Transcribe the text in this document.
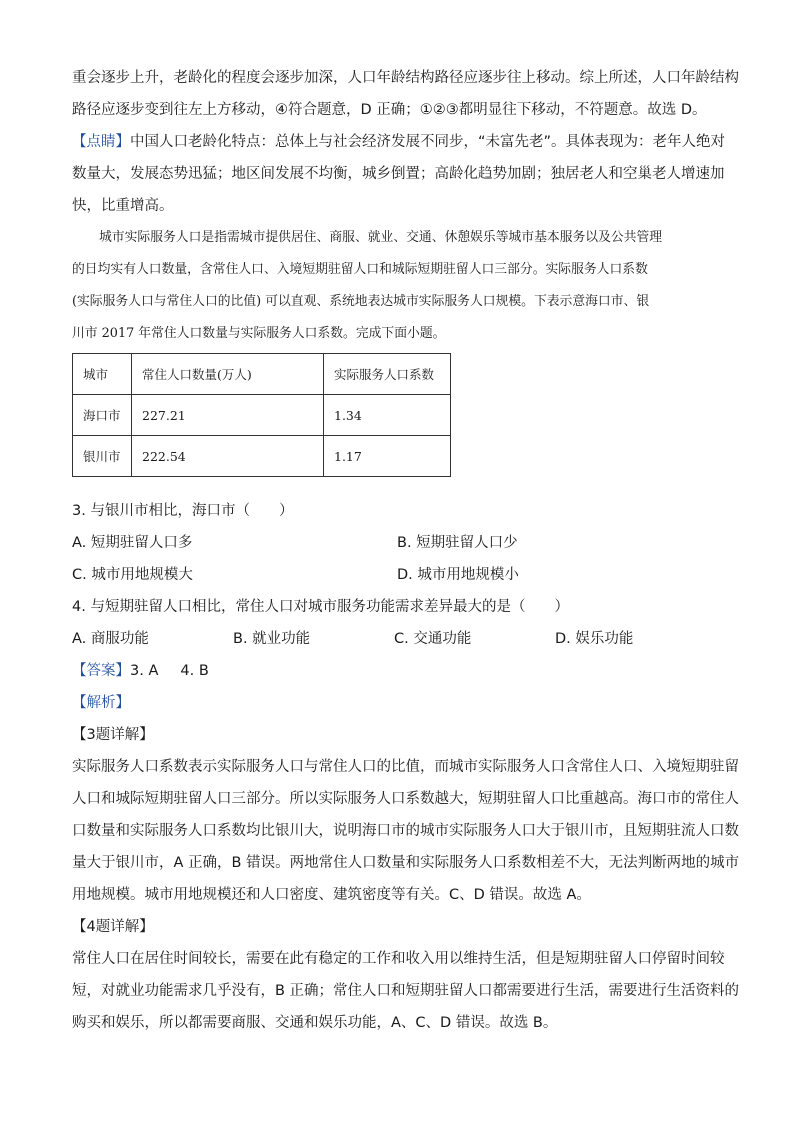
重会逐步上升，老龄化的程度会逐步加深，人口年龄结构路径应逐步往上移动。综上所述，人口年龄结构
路径应逐步变到往左上方移动，④符合题意，D 正确；①②③都明显往下移动，不符题意。故选 D。
【点睛】中国人口老龄化特点：总体上与社会经济发展不同步，“未富先老”。具体表现为：老年人绝对
数量大，发展态势迅猛；地区间发展不均衡，城乡倒置；高龄化趋势加剧；独居老人和空巢老人增速加
快，比重增高。
城市实际服务人口是指需城市提供居住、商服、就业、交通、休憩娱乐等城市基本服务以及公共管理
的日均实有人口数量，含常住人口、入境短期驻留人口和城际短期驻留人口三部分。实际服务人口系数
(实际服务人口与常住人口的比值) 可以直观、系统地表达城市实际服务人口规模。下表示意海口市、银
川市 2017 年常住人口数量与实际服务人口系数。完成下面小题。
城市	常住人口数量(万人)	实际服务人口系数
海口市	227.21	1.34
银川市	222.54	1.17
3. 与银川市相比，海口市（　　）
A. 短期驻留人口多	B. 短期驻留人口少
C. 城市用地规模大	D. 城市用地规模小
4. 与短期驻留人口相比，常住人口对城市服务功能需求差异最大的是（　　）
A. 商服功能	B. 就业功能	C. 交通功能	D. 娱乐功能
【答案】3. A 4. B
【解析】
【3题详解】
实际服务人口系数表示实际服务人口与常住人口的比值，而城市实际服务人口含常住人口、入境短期驻留
人口和城际短期驻留人口三部分。所以实际服务人口系数越大，短期驻留人口比重越高。海口市的常住人
口数量和实际服务人口系数均比银川大，说明海口市的城市实际服务人口大于银川市，且短期驻流人口数
量大于银川市，A 正确，B 错误。两地常住人口数量和实际服务人口系数相差不大，无法判断两地的城市
用地规模。城市用地规模还和人口密度、建筑密度等有关。C、D 错误。故选 A。
【4题详解】
常住人口在居住时间较长，需要在此有稳定的工作和收入用以维持生活，但是短期驻留人口停留时间较
短，对就业功能需求几乎没有，B 正确；常住人口和短期驻留人口都需要进行生活，需要进行生活资料的
购买和娱乐，所以都需要商服、交通和娱乐功能，A、C、D 错误。故选 B。
